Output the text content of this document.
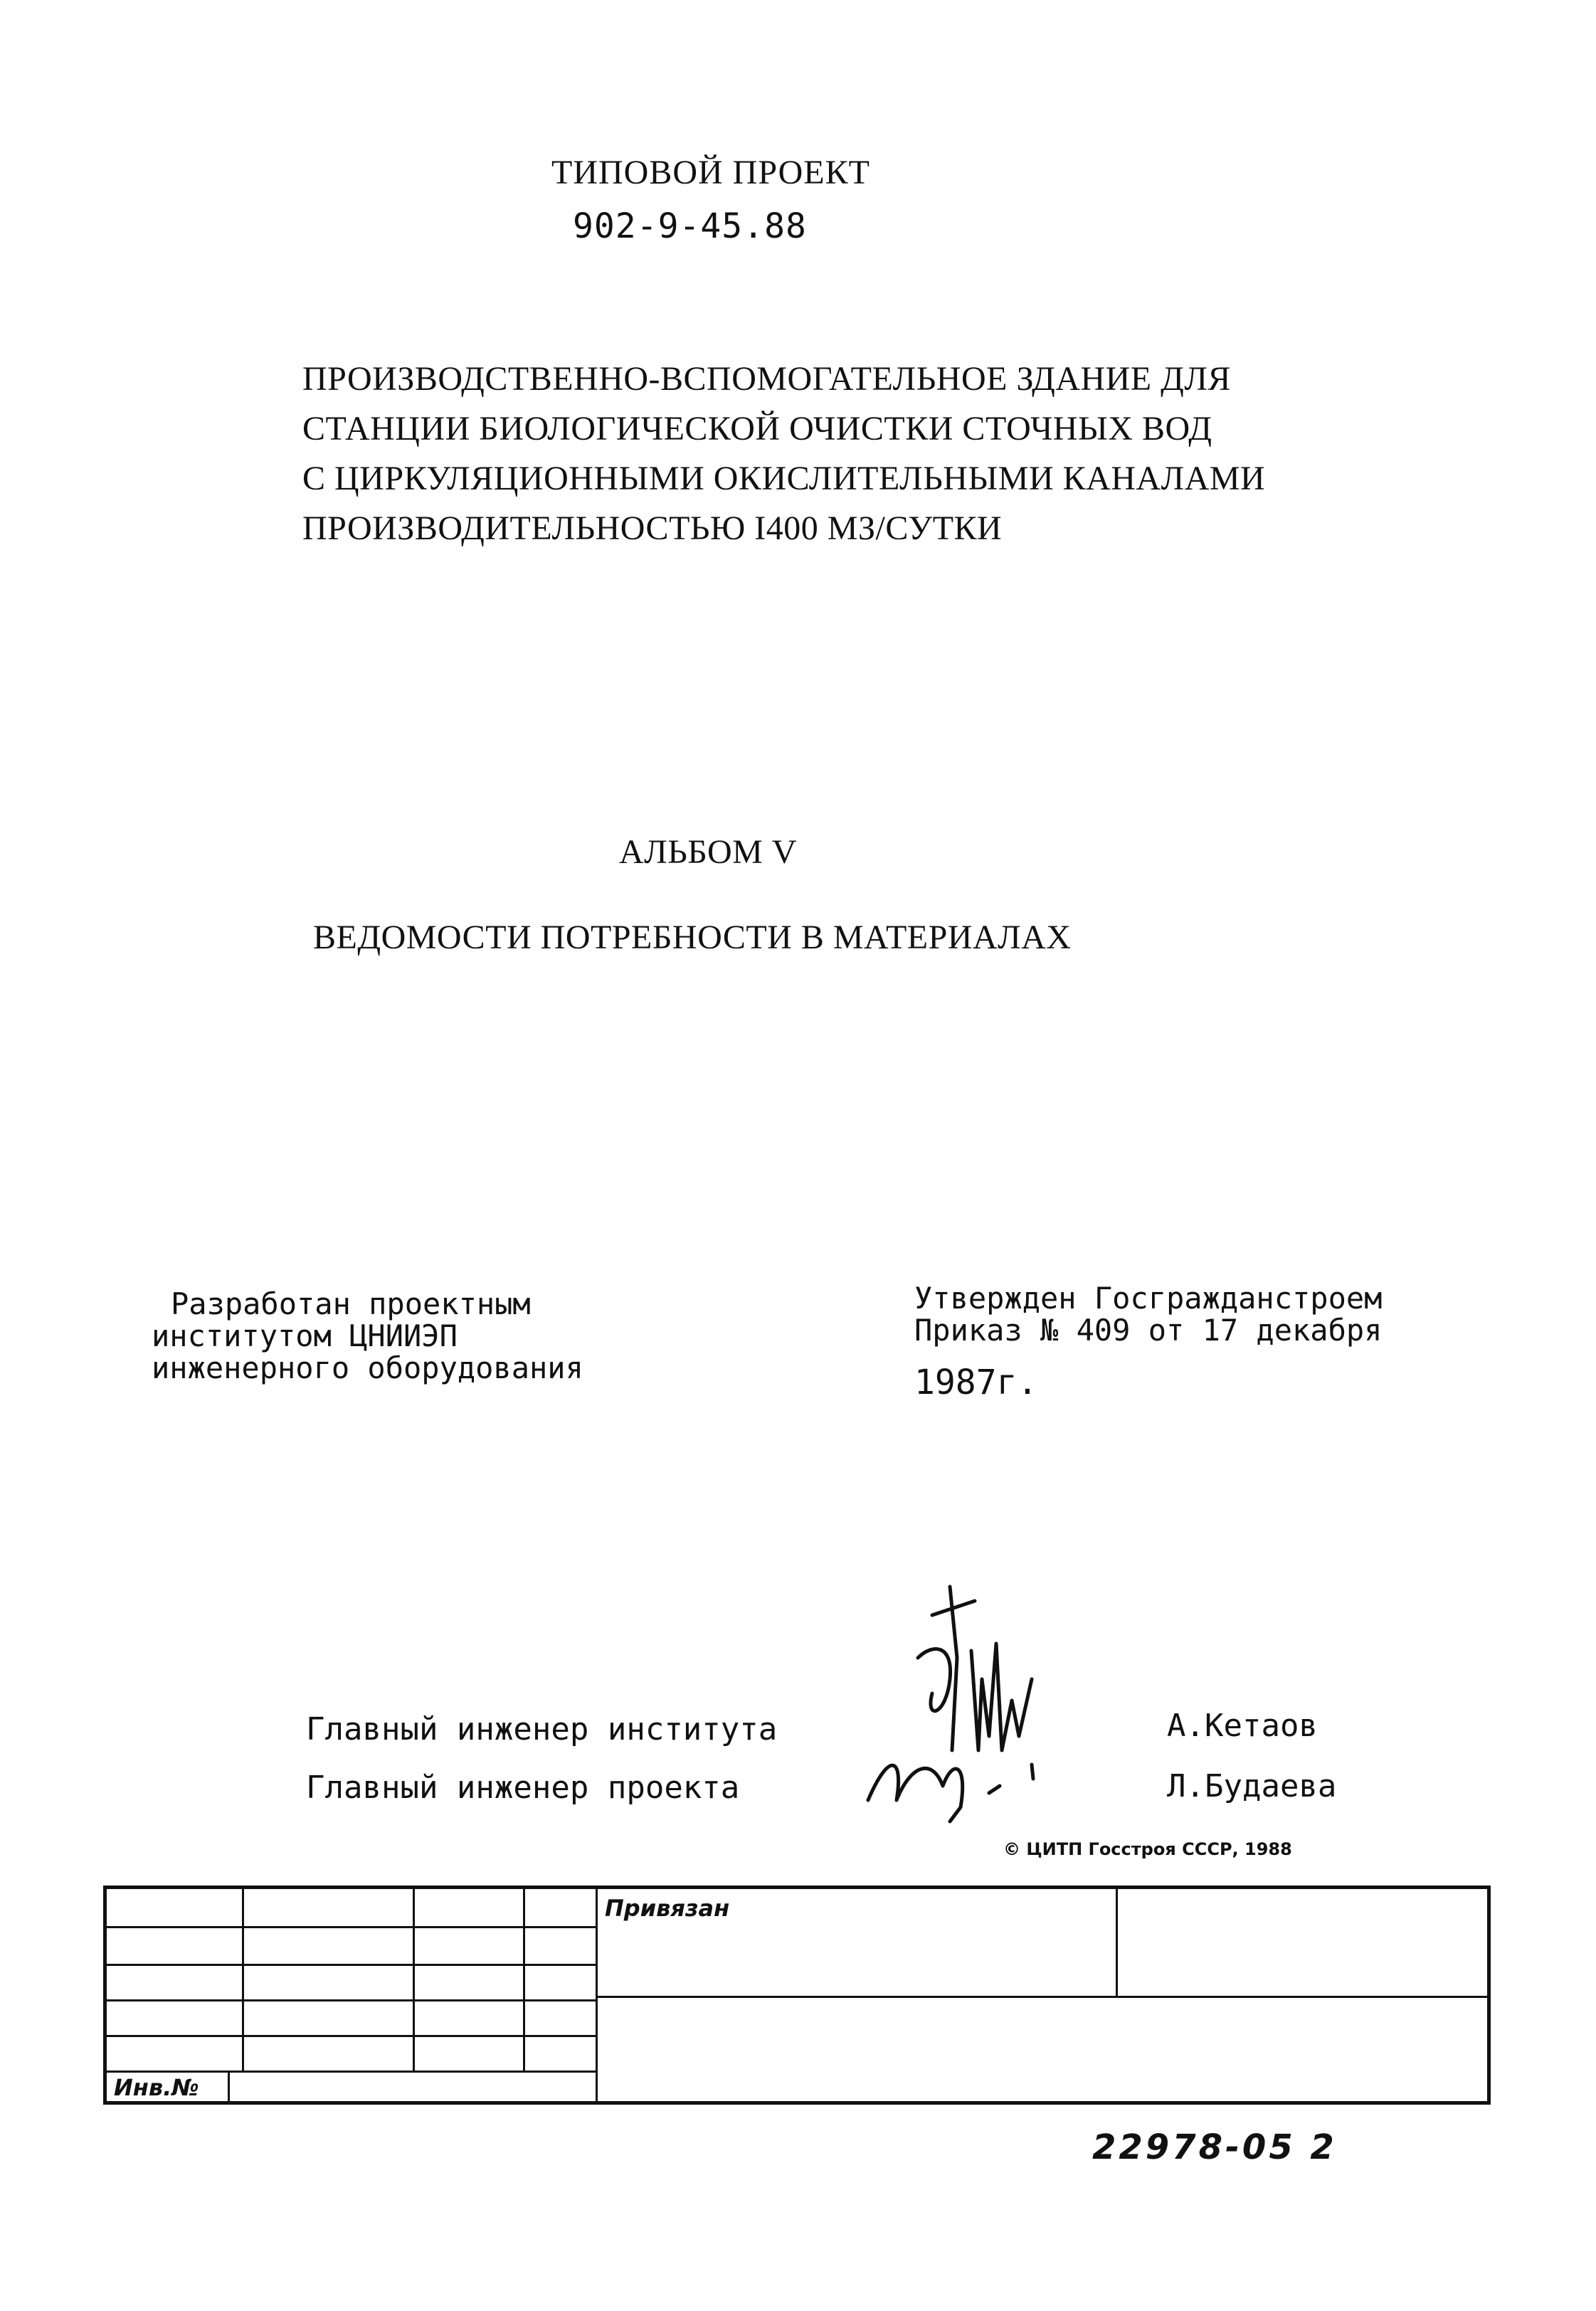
ТИПОВОЙ ПРОЕКТ
902-9-45.88
ПРОИЗВОДСТВЕННО-ВСПОМОГАТЕЛЬНОЕ ЗДАНИЕ ДЛЯ
СТАНЦИИ БИОЛОГИЧЕСКОЙ ОЧИСТКИ СТОЧНЫХ ВОД
С ЦИРКУЛЯЦИОННЫМИ ОКИСЛИТЕЛЬНЫМИ КАНАЛАМИ
ПРОИЗВОДИТЕЛЬНОСТЬЮ I400 МЗ/СУТКИ
АЛЬБОМ V
ВЕДОМОСТИ ПОТРЕБНОСТИ В МАТЕРИАЛАХ
Разработан проектным
институтом ЦНИИЭП
инженерного оборудования
Утвержден Госгражданстроем
Приказ № 409 от 17 декабря
1987г.
Главный инженер института
Главный инженер проекта
А.Кетаов
Л.Будаева
© ЦИТП Госстроя СССР, 1988
Привязан
Инв.№
22978-05 2
